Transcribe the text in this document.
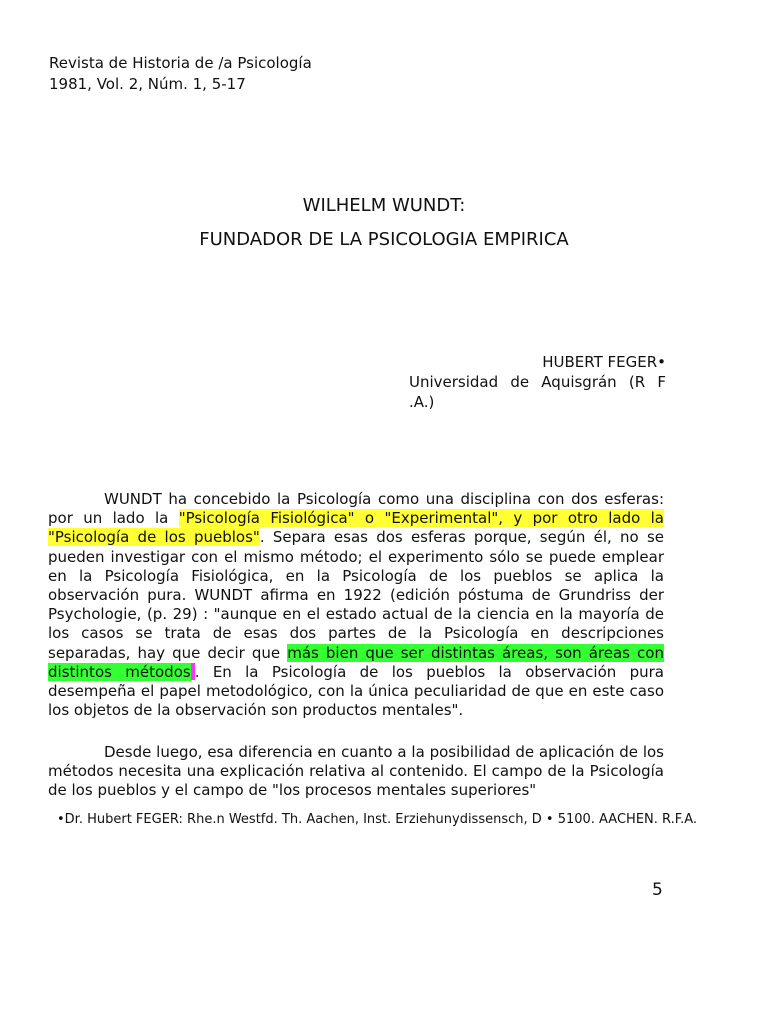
Revista de Historia de /a Psicología
1981, Vol. 2, Núm. 1, 5-17
WILHELM WUNDT:
FUNDADOR DE LA PSICOLOGIA EMPIRICA
HUBERT FEGER•
Universidad de Aquisgrán (R F .A.)
WUNDT ha concebido la Psicología como una disciplina con dos esferas: por un lado la "Psicología Fisiológica" o "Experimental", y por otro lado la "Psicología de los pueblos". Separa esas dos esferas porque, según él, no se pueden investigar con el mismo método; el experimento sólo se puede emplear en la Psicología Fisiológica, en la Psicología de los pueblos se aplica la observación pura. WUNDT afirma en 1922 (edición póstuma de Grundriss der Psychologie, (p. 29) : "aunque en el estado actual de la ciencia en la mayoría de los casos se trata de esas dos partes de la Psicología en descripciones separadas, hay que decir que más bien que ser distintas áreas, son áreas con distintos métodos . En la Psicología de los pueblos la observación pura desempeña el papel metodológico, con la única peculiaridad de que en este caso los objetos de la observación son productos mentales".
Desde luego, esa diferencia en cuanto a la posibilidad de aplicación de los métodos necesita una explicación relativa al contenido. El campo de la Psicología de los pueblos y el campo de "los procesos mentales superiores"
•Dr. Hubert FEGER: Rhe.n Westfd. Th. Aachen, Inst. Erziehunydissensch, D • 5100. AACHEN. R.F.A.
5
